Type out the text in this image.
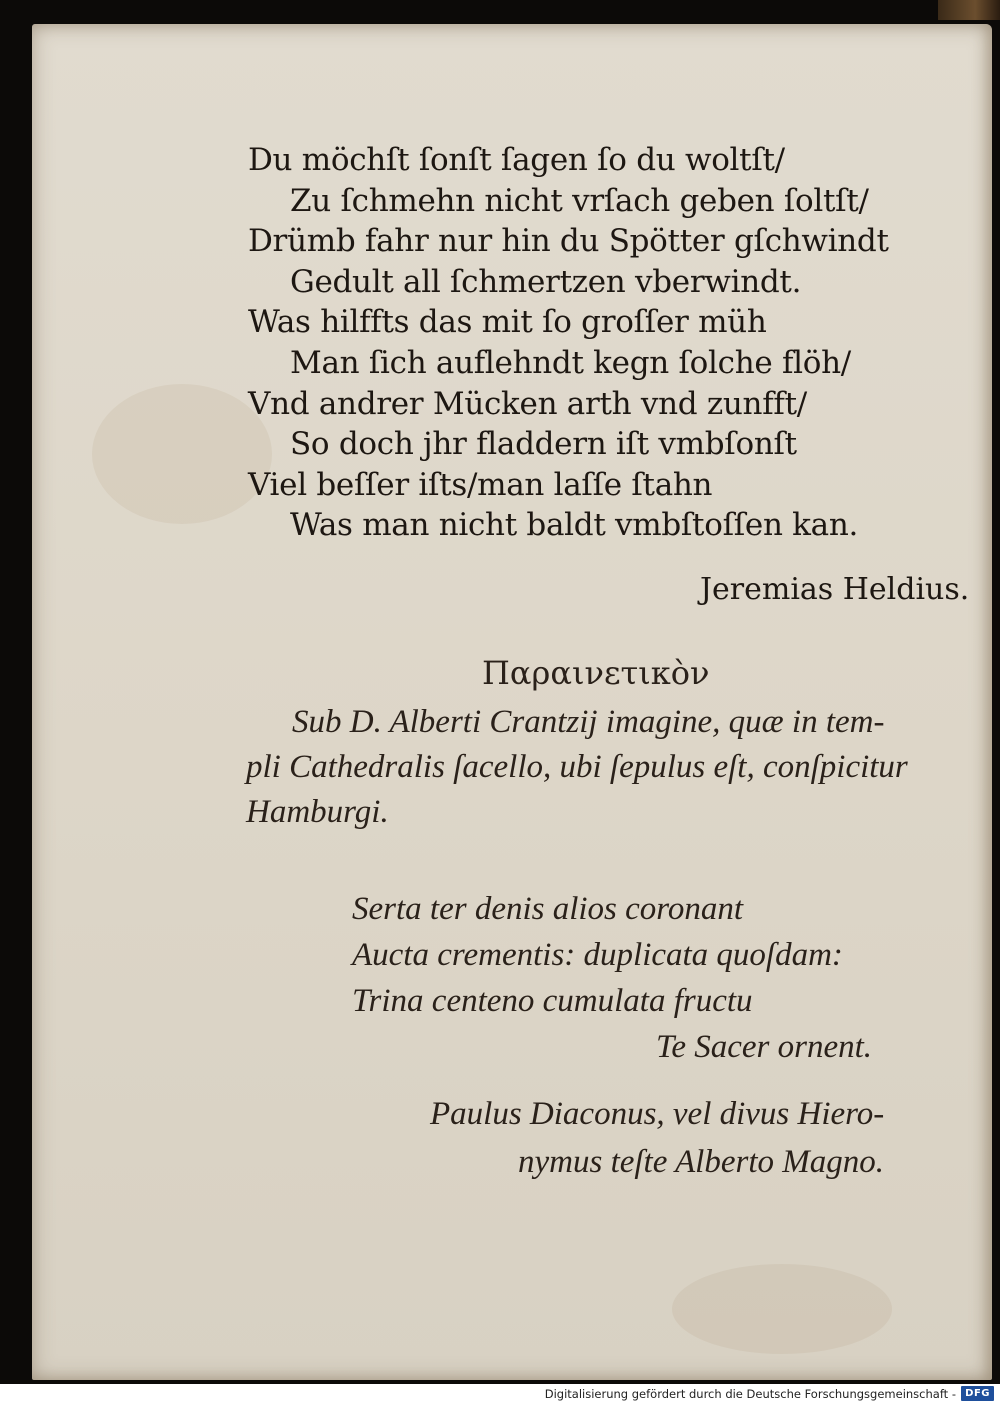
Du möchſt ſonſt ſagen ſo du woltſt/
Zu ſchmehn nicht vrſach geben ſoltſt/
Drümb fahr nur hin du Spötter gſchwindt
Gedult all ſchmertzen vberwindt.
Was hilffts das mit ſo groſſer müh
Man ſich auflehndt kegn ſolche flöh/
Vnd andrer Mücken arth vnd zunfft/
So doch jhr fladdern iſt vmbſonſt
Viel beſſer iſts/man laſſe ſtahn
Was man nicht baldt vmbſtoſſen kan.
Jeremias Heldius.
Παραινετικὸν
Sub D. Alberti Crantzij imagine, quæ in tem-
pli Cathedralis ſacello, ubi ſepulus eſt, conſpicitur
Hamburgi.
Serta ter denis alios coronant
Aucta crementis: duplicata quoſdam:
Trina centeno cumulata fructu
Te Sacer ornent.
Paulus Diaconus, vel divus Hiero-
nymus teſte Alberto Magno.
Digitalisierung gefördert durch die Deutsche Forschungsgemeinschaft - DFG
